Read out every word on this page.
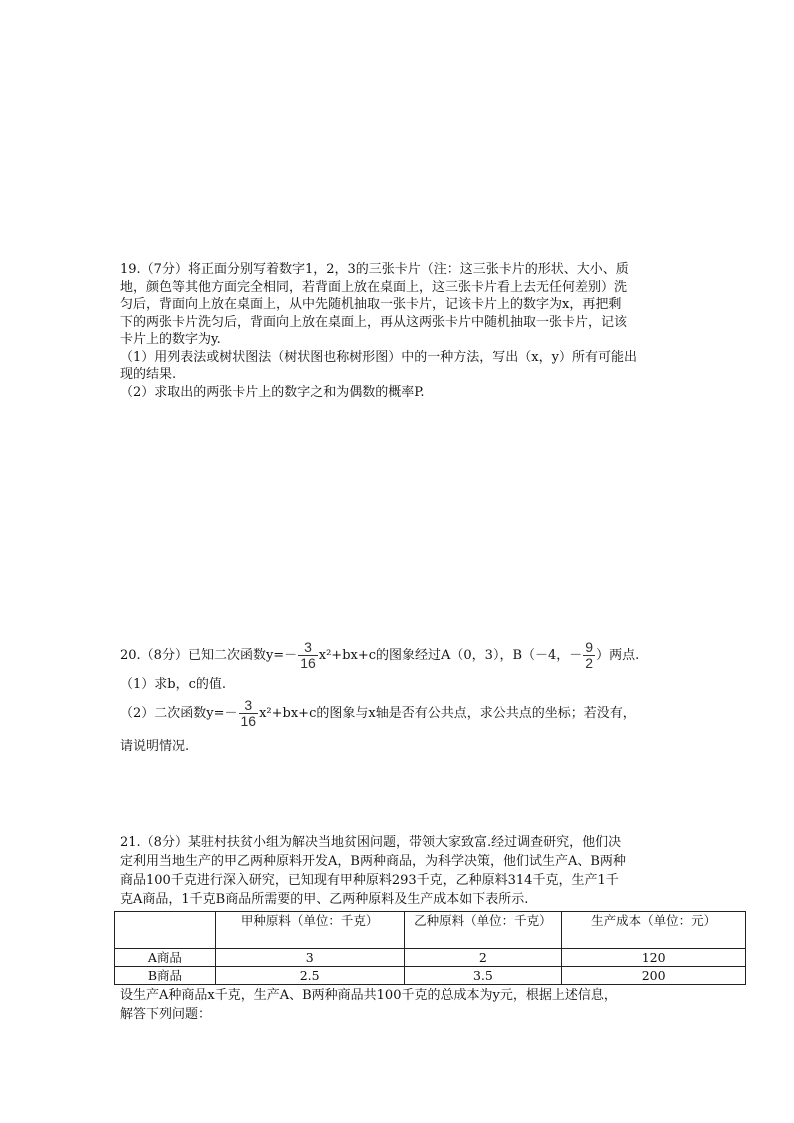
19.（7分）将正面分别写着数字1，2，3的三张卡片（注：这三张卡片的形状、大小、质
地，颜色等其他方面完全相同，若背面上放在桌面上，这三张卡片看上去无任何差别）洗
匀后，背面向上放在桌面上，从中先随机抽取一张卡片，记该卡片上的数字为x，再把剩
下的两张卡片洗匀后，背面向上放在桌面上，再从这两张卡片中随机抽取一张卡片，记该
卡片上的数字为y.
（1）用列表法或树状图法（树状图也称树形图）中的一种方法，写出（x，y）所有可能出
现的结果.
（2）求取出的两张卡片上的数字之和为偶数的概率P.
20.（8分）已知二次函数$y=- \frac{3}{16} x^2+bx+c$的图象经过A（0，3），B（－4，－ $\frac{9}{2}$ ）两点.
（1）求b，c的值.
（2）二次函数$y=- \frac{3}{16} x^2+bx+c$的图象与x轴是否有公共点，求公共点的坐标；若没有，
请说明情况.
21.（8分）某驻村扶贫小组为解决当地贫困问题，带领大家致富.经过调查研究，他们决
定利用当地生产的甲乙两种原料开发A，B两种商品，为科学决策，他们试生产A、B两种
商品100千克进行深入研究，已知现有甲种原料293千克，乙种原料314千克，生产1千
克A商品，1千克B商品所需要的甲、乙两种原料及生产成本如下表所示.
	甲种原料（单位：千克）	乙种原料（单位：千克）	生产成本（单位：元）
A商品	3	2	120
B商品	2.5	3.5	200
设生产A种商品x千克，生产A、B两种商品共100千克的总成本为y元，根据上述信息，
解答下列问题：
